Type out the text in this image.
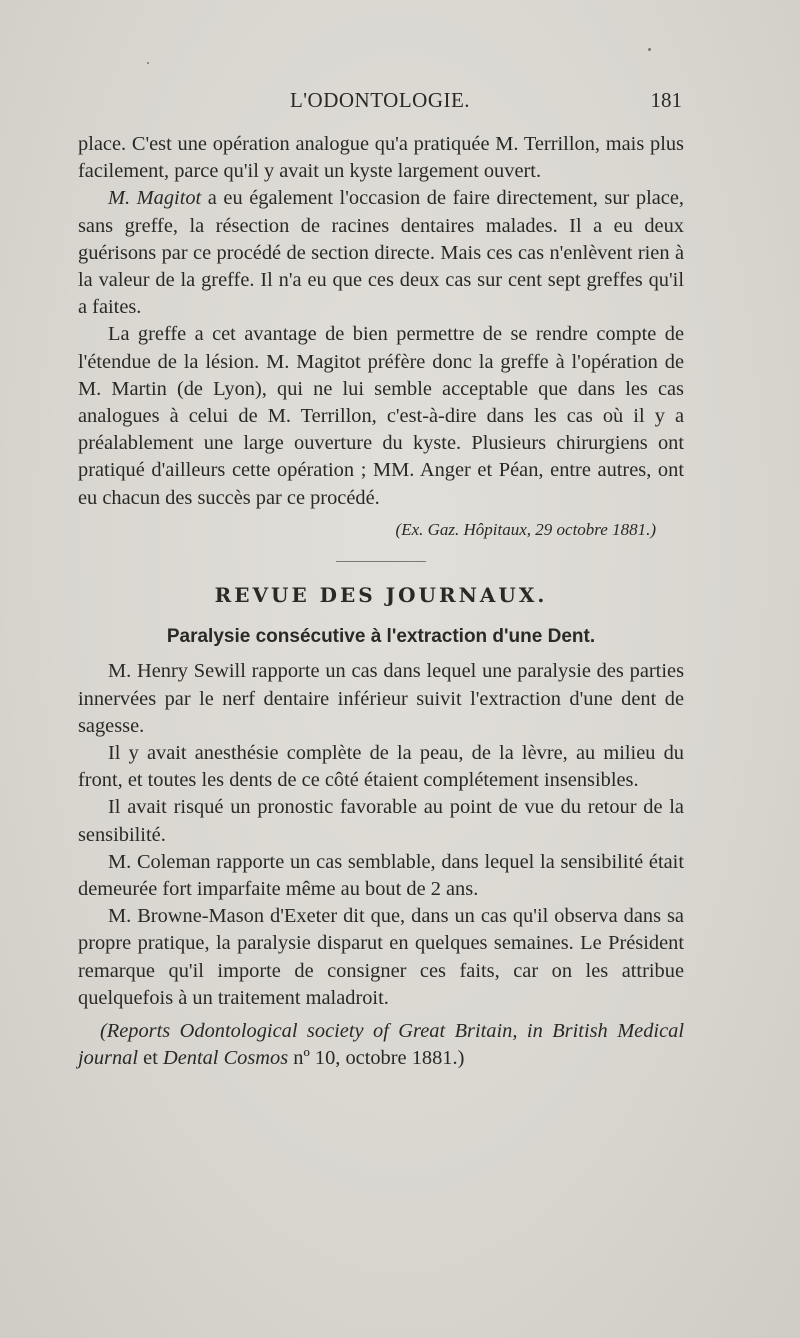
L'ODONTOLOGIE.	181

place. C'est une opération analogue qu'a pratiquée M. Terrillon, mais plus facilement, parce qu'il y avait un kyste largement ouvert.

M. Magitot a eu également l'occasion de faire directement, sur place, sans greffe, la résection de racines dentaires malades. Il a eu deux guérisons par ce procédé de section directe. Mais ces cas n'enlèvent rien à la valeur de la greffe. Il n'a eu que ces deux cas sur cent sept greffes qu'il a faites.

La greffe a cet avantage de bien permettre de se rendre compte de l'étendue de la lésion. M. Magitot préfère donc la greffe à l'opération de M. Martin (de Lyon), qui ne lui semble acceptable que dans les cas analogues à celui de M. Terrillon, c'est-à-dire dans les cas où il y a préalablement une large ouverture du kyste. Plusieurs chirurgiens ont pratiqué d'ailleurs cette opération ; MM. Anger et Péan, entre autres, ont eu chacun des succès par ce procédé.

(Ex. Gaz. Hôpitaux, 29 octobre 1881.)

REVUE DES JOURNAUX.

Paralysie consécutive à l'extraction d'une Dent.

M. Henry Sewill rapporte un cas dans lequel une paralysie des parties innervées par le nerf dentaire inférieur suivit l'extraction d'une dent de sagesse.

Il y avait anesthésie complète de la peau, de la lèvre, au milieu du front, et toutes les dents de ce côté étaient complétement insensibles.

Il avait risqué un pronostic favorable au point de vue du retour de la sensibilité.

M. Coleman rapporte un cas semblable, dans lequel la sensibilité était demeurée fort imparfaite même au bout de 2 ans.

M. Browne-Mason d'Exeter dit que, dans un cas qu'il observa dans sa propre pratique, la paralysie disparut en quelques semaines. Le Président remarque qu'il importe de consigner ces faits, car on les attribue quelquefois à un traitement maladroit.

(Reports Odontological society of Great Britain, in British Medical journal et Dental Cosmos nº 10, octobre 1881.)
